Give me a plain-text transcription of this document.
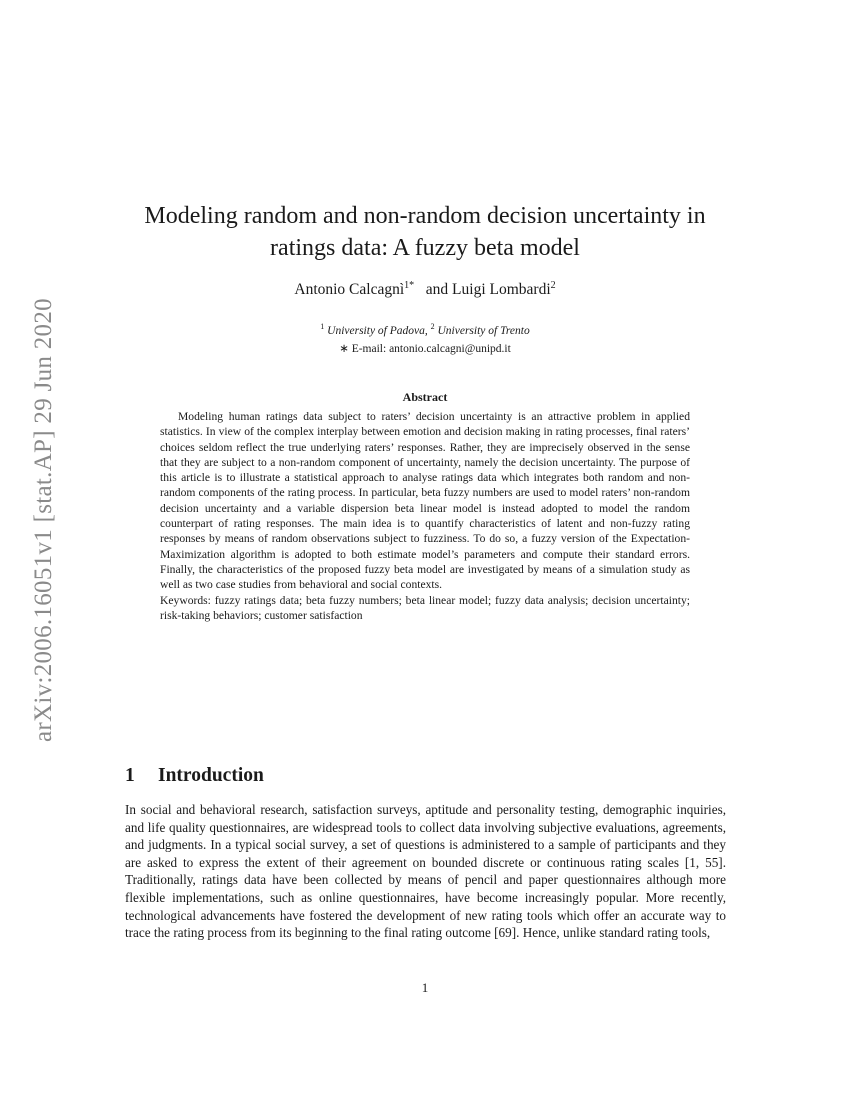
arXiv:2006.16051v1 [stat.AP] 29 Jun 2020
Modeling random and non-random decision uncertainty in
ratings data: A fuzzy beta model
Antonio Calcagnì$^{1*}$ and Luigi Lombardi$^2$
$^1$ University of Padova, $^2$ University of Trento
∗ E-mail: antonio.calcagni@unipd.it
Abstract

Modeling human ratings data subject to raters’ decision uncertainty is an attractive problem in applied statistics. In view of the complex interplay between emotion and decision making in rating processes, final raters’ choices seldom reflect the true underlying raters’ responses. Rather, they are imprecisely observed in the sense that they are subject to a non-random component of uncertainty, namely the decision uncertainty. The purpose of this article is to illustrate a statistical approach to analyse ratings data which integrates both random and non-random components of the rating process. In particular, beta fuzzy numbers are used to model raters’ non-random decision uncertainty and a variable dispersion beta linear model is instead adopted to model the random counterpart of rating responses. The main idea is to quantify characteristics of latent and non-fuzzy rating responses by means of random observations subject to fuzziness. To do so, a fuzzy version of the Expectation-Maximization algorithm is adopted to both estimate model’s parameters and compute their standard errors. Finally, the characteristics of the proposed fuzzy beta model are investigated by means of a simulation study as well as two case studies from behavioral and social contexts.

Keywords: fuzzy ratings data; beta fuzzy numbers; beta linear model; fuzzy data analysis; decision uncertainty; risk-taking behaviors; customer satisfaction

1 Introduction

In social and behavioral research, satisfaction surveys, aptitude and personality testing, demographic inquiries, and life quality questionnaires, are widespread tools to collect data involving subjective evaluations, agreements, and judgments. In a typical social survey, a set of questions is administered to a sample of participants and they are asked to express the extent of their agreement on bounded discrete or continuous rating scales [1, 55]. Traditionally, ratings data have been collected by means of pencil and paper questionnaires although more flexible implementations, such as online questionnaires, have become increasingly popular. More recently, technological advancements have fostered the development of new rating tools which offer an accurate way to trace the rating process from its beginning to the final rating outcome [69]. Hence, unlike standard rating tools,

1
